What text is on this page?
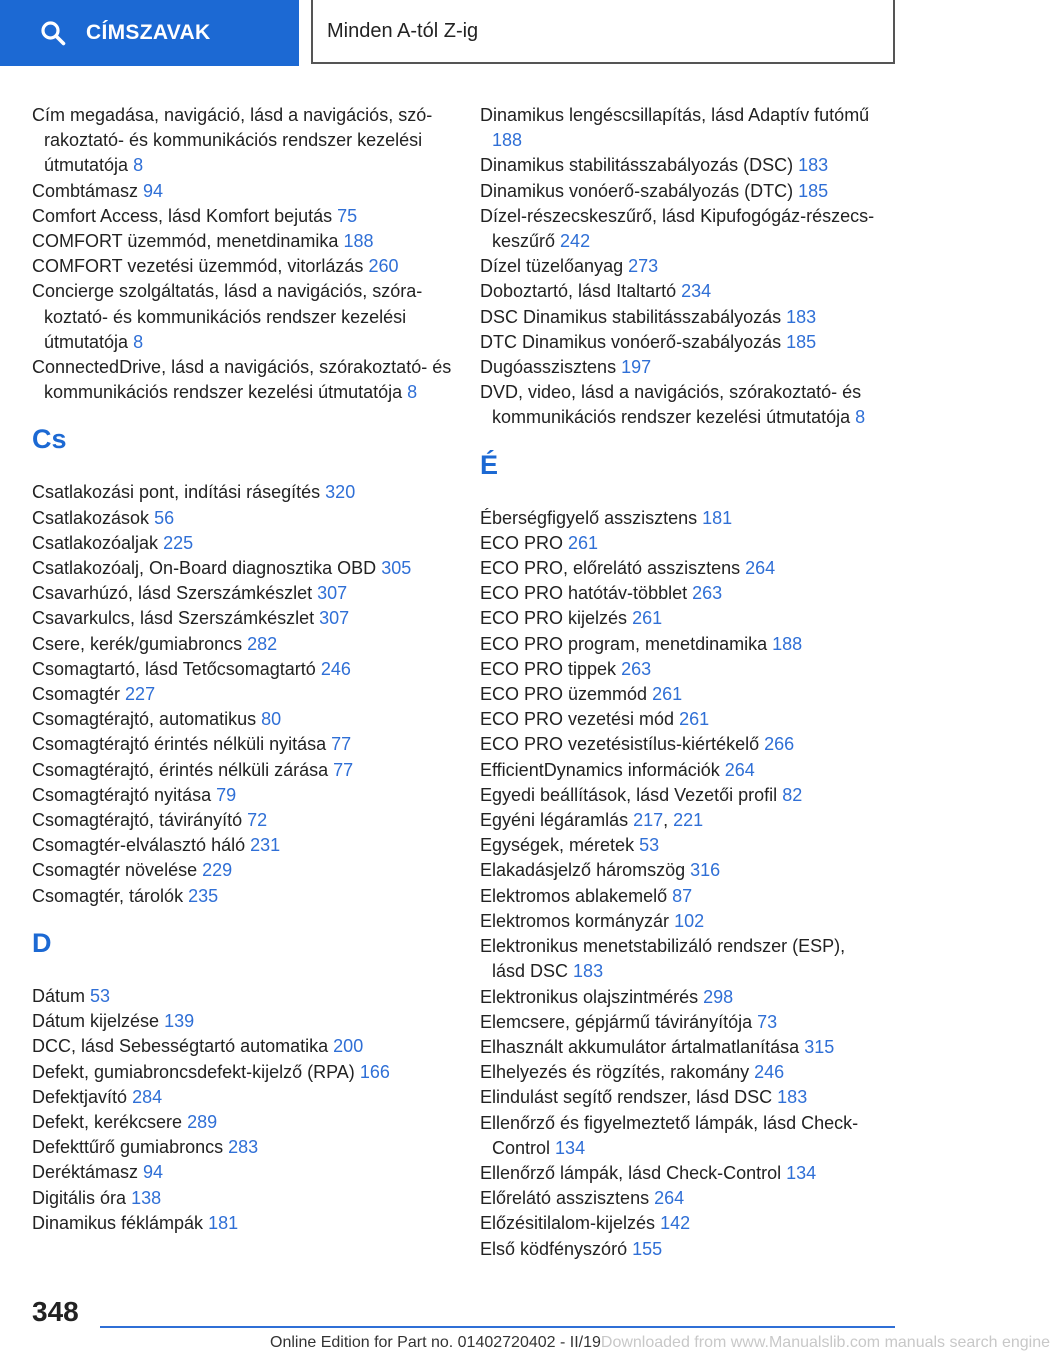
CÍMSZAVAK	Minden A-tól Z-ig
Cím megadása, navigáció, lásd a navigációs, szórakoztató- és kommunikációs rendszer kezelési útmutatója 8
Combtámasz 94
Comfort Access, lásd Komfort bejutás 75
COMFORT üzemmód, menetdinamika 188
COMFORT vezetési üzemmód, vitorlázás 260
Concierge szolgáltatás, lásd a navigációs, szórakoztató- és kommunikációs rendszer kezelési útmutatója 8
ConnectedDrive, lásd a navigációs, szórakoztató- és kommunikációs rendszer kezelési útmutatója 8
Cs
Csatlakozási pont, indítási rásegítés 320
Csatlakozások 56
Csatlakozóaljak 225
Csatlakozóalj, On-Board diagnosztika OBD 305
Csavarhúzó, lásd Szerszámkészlet 307
Csavarkulcs, lásd Szerszámkészlet 307
Csere, kerék/gumiabroncs 282
Csomagtartó, lásd Tetőcsomagtartó 246
Csomagtér 227
Csomagtérajtó, automatikus 80
Csomagtérajtó érintés nélküli nyitása 77
Csomagtérajtó, érintés nélküli zárása 77
Csomagtérajtó nyitása 79
Csomagtérajtó, távirányító 72
Csomagtér-elválasztó háló 231
Csomagtér növelése 229
Csomagtér, tárolók 235
D
Dátum 53
Dátum kijelzése 139
DCC, lásd Sebességtartó automatika 200
Defekt, gumiabroncsdefekt-kijelző (RPA) 166
Defektjavító 284
Defekt, kerékcsere 289
Defekttűrő gumiabroncs 283
Deréktámasz 94
Digitális óra 138
Dinamikus féklámpák 181
Dinamikus lengéscsillapítás, lásd Adaptív futómű 188
Dinamikus stabilitásszabályozás (DSC) 183
Dinamikus vonóerő-szabályozás (DTC) 185
Dízel-részecskeszűrő, lásd Kipufogógáz-részecskeszűrő 242
Dízel tüzelőanyag 273
Doboztartó, lásd Italtartó 234
DSC Dinamikus stabilitásszabályozás 183
DTC Dinamikus vonóerő-szabályozás 185
Dugóasszisztens 197
DVD, video, lásd a navigációs, szórakoztató- és kommunikációs rendszer kezelési útmutatója 8
É
Éberségfigyelő asszisztens 181
ECO PRO 261
ECO PRO, előrelátó asszisztens 264
ECO PRO hatótáv-többlet 263
ECO PRO kijelzés 261
ECO PRO program, menetdinamika 188
ECO PRO tippek 263
ECO PRO üzemmód 261
ECO PRO vezetési mód 261
ECO PRO vezetésistílus-kiértékelő 266
EfficientDynamics információk 264
Egyedi beállítások, lásd Vezetői profil 82
Egyéni légáramlás 217, 221
Egységek, méretek 53
Elakadásjelző háromszög 316
Elektromos ablakemelő 87
Elektromos kormányzár 102
Elektronikus menetstabilizáló rendszer (ESP), lásd DSC 183
Elektronikus olajszintmérés 298
Elemcsere, gépjármű távirányítója 73
Elhasznált akkumulátor ártalmatlanítása 315
Elhelyezés és rögzítés, rakomány 246
Elindulást segítő rendszer, lásd DSC 183
Ellenőrző és figyelmeztető lámpák, lásd Check-Control 134
Ellenőrző lámpák, lásd Check-Control 134
Előrelátó asszisztens 264
Előzésitilalom-kijelzés 142
Első ködfényszóró 155
348
Online Edition for Part no. 01402720402 - II/19Downloaded from www.Manualslib.com manuals search engine
